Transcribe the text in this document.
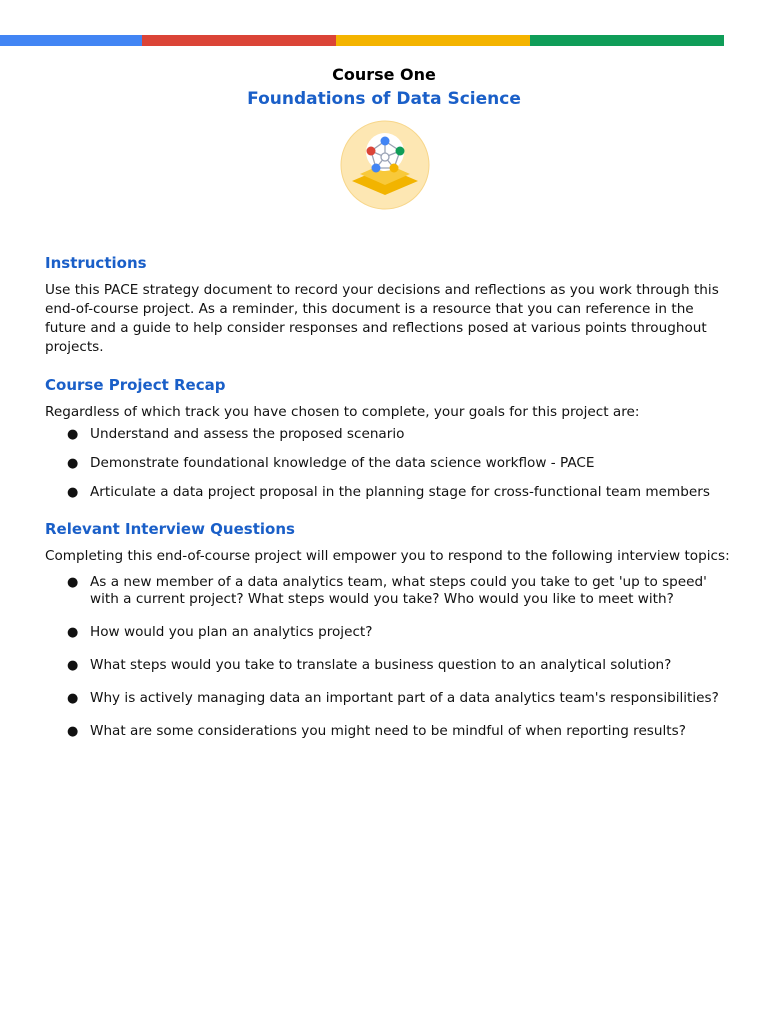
Course One
Foundations of Data Science
Instructions

Use this PACE strategy document to record your decisions and reflections as you work through this end-of-course project. As a reminder, this document is a resource that you can reference in the future and a guide to help consider responses and reflections posed at various points throughout projects.

Course Project Recap

Regardless of which track you have chosen to complete, your goals for this project are:

● Understand and assess the proposed scenario
● Demonstrate foundational knowledge of the data science workflow - PACE
● Articulate a data project proposal in the planning stage for cross-functional team members
Relevant Interview Questions

Completing this end-of-course project will empower you to respond to the following interview topics:

● As a new member of a data analytics team, what steps could you take to get 'up to speed' with a current project? What steps would you take? Who would you like to meet with?
● How would you plan an analytics project?
● What steps would you take to translate a business question to an analytical solution?
● Why is actively managing data an important part of a data analytics team's responsibilities?
● What are some considerations you might need to be mindful of when reporting results?
